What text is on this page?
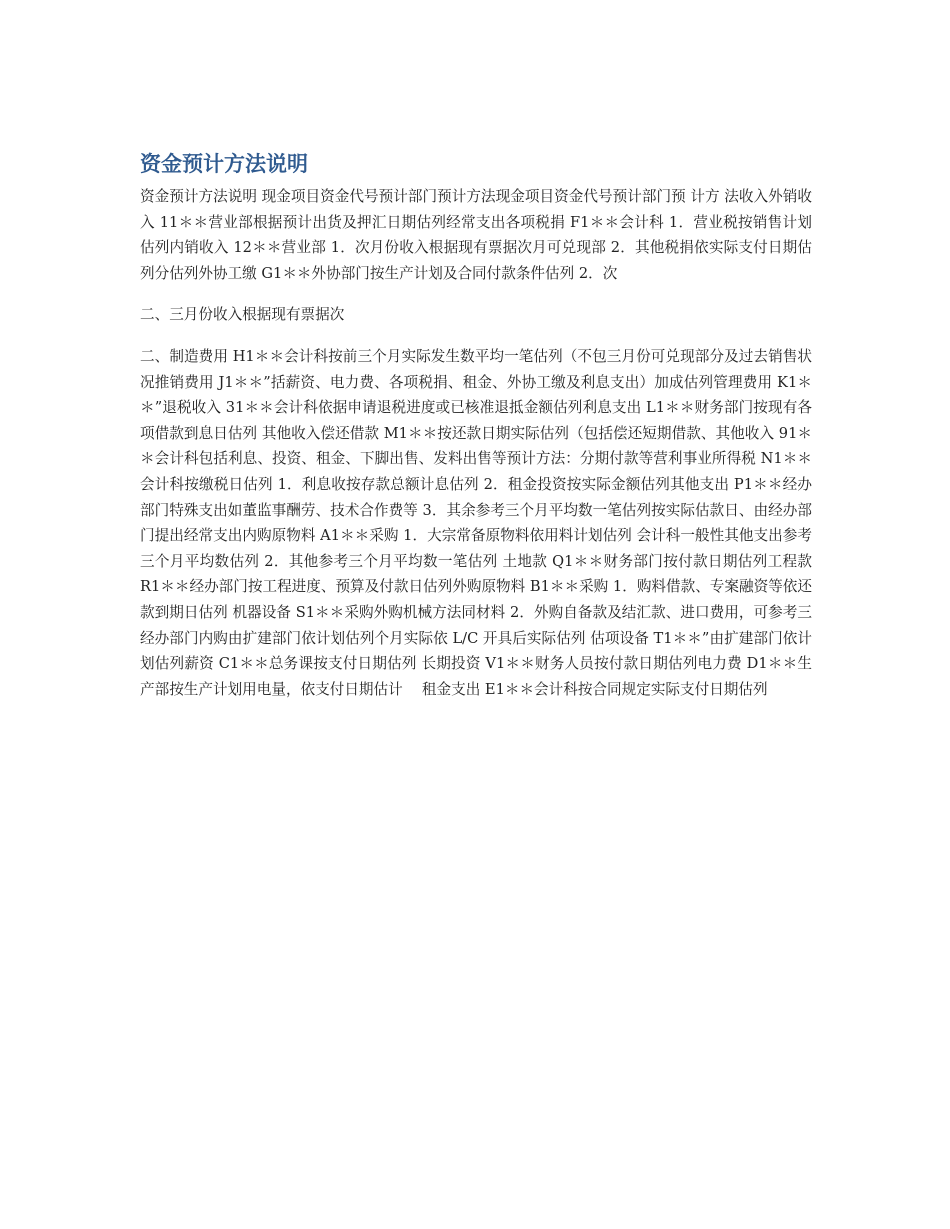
资金预计方法说明

资金预计方法说明 现金项目资金代号预计部门预计方法现金项目资金代号预计部门预 计方 法收入外销收入 11＊＊营业部根据预计出货及押汇日期估列经常支出各项税捐 F1＊＊会计科 1．营业税按销售计划估列内销收入 12＊＊营业部 1．次月份收入根据现有票据次月可兑现部 2．其他税捐依实际支付日期估列分估列外协工缴 G1＊＊外协部门按生产计划及合同付款条件估列 2．次

二、三月份收入根据现有票据次

二、制造费用 H1＊＊会计科按前三个月实际发生数平均一笔估列（不包三月份可兑现部分及过去销售状况推销费用 J1＊＊”括薪资、电力费、各项税捐、租金、外协工缴及利息支出）加成估列管理费用 K1＊＊”退税收入 31＊＊会计科依据申请退税进度或已核准退抵金额估列利息支出 L1＊＊财务部门按现有各项借款到息日估列 其他收入偿还借款 M1＊＊按还款日期实际估列（包括偿还短期借款、其他收入 91＊＊会计科包括利息、投资、租金、下脚出售、发料出售等预计方法：分期付款等营利事业所得税 N1＊＊会计科按缴税日估列 1．利息收按存款总额计息估列 2．租金投资按实际金额估列其他支出 P1＊＊经办部门特殊支出如董监事酬劳、技术合作费等 3．其余参考三个月平均数一笔估列按实际估款日、由经办部门提出经常支出内购原物料 A1＊＊采购 1．大宗常备原物料依用料计划估列 会计科一般性其他支出参考三个月平均数估列 2．其他参考三个月平均数一笔估列 土地款 Q1＊＊财务部门按付款日期估列工程款 R1＊＊经办部门按工程进度、预算及付款日估列外购原物料 B1＊＊采购 1．购料借款、专案融资等依还款到期日估列 机器设备 S1＊＊采购外购机械方法同材料 2．外购自备款及结汇款、进口费用，可参考三 经办部门内购由扩建部门依计划估列个月实际依 L/C 开具后实际估列 估项设备 T1＊＊”由扩建部门依计划估列薪资 C1＊＊总务课按支付日期估列 长期投资 V1＊＊财务人员按付款日期估列电力费 D1＊＊生产部按生产计划用电量，依支付日期估计　 租金支出 E1＊＊会计科按合同规定实际支付日期估列
